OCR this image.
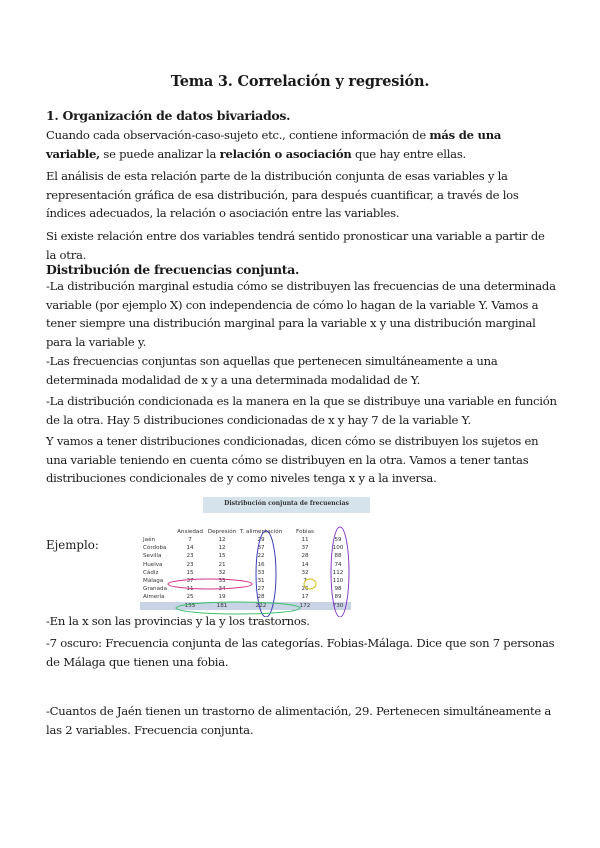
Tema 3. Correlación y regresión.
1. Organización de datos bivariados.
Cuando cada observación-caso-sujeto etc., contiene información de más de una variable, se puede analizar la relación o asociación que hay entre ellas.
El análisis de esta relación parte de la distribución conjunta de esas variables y la representación gráfica de esa distribución, para después cuantificar, a través de los índices adecuados, la relación o asociación entre las variables.
Si existe relación entre dos variables tendrá sentido pronosticar una variable a partir de la otra.
Distribución de frecuencias conjunta.
-La distribución marginal estudia cómo se distribuyen las frecuencias de una determinada variable (por ejemplo X) con independencia de cómo lo hagan de la variable Y. Vamos a tener siempre una distribución marginal para la variable x y una distribución marginal para la variable y.
-Las frecuencias conjuntas son aquellas que pertenecen simultáneamente a una determinada modalidad de x y a una determinada modalidad de Y.
-La distribución condicionada es la manera en la que se distribuye una variable en función de la otra. Hay 5 distribuciones condicionadas de x y hay 7 de la variable Y.
Y vamos a tener distribuciones condicionadas, dicen cómo se distribuyen los sujetos en una variable teniendo en cuenta cómo se distribuyen en la otra. Vamos a tener tantas distribuciones condicionales de y como niveles tenga x y a la inversa.
Ejemplo:
Distribución conjunta de frecuencias
	Ansiedad	Depresión	T. alimentación	Fobias	
Jaén	7	12	29	11	59
Córdoba	14	12	37	37	100
Sevilla	23	15	22	28	88
Huelva	23	21	16	14	74
Cádiz	15	32	33	32	112
Málaga	37	35	31	7	110
Granada	11	34	27	26	98
Almería	25	19	28	17	89
	155	181	222	172	730
-En la x son las provincias y la y los trastornos.
-7 oscuro: Frecuencia conjunta de las categorías. Fobias-Málaga. Dice que son 7 personas de Málaga que tienen una fobia.
-Cuantos de Jaén tienen un trastorno de alimentación, 29. Pertenecen simultáneamente a las 2 variables. Frecuencia conjunta.
